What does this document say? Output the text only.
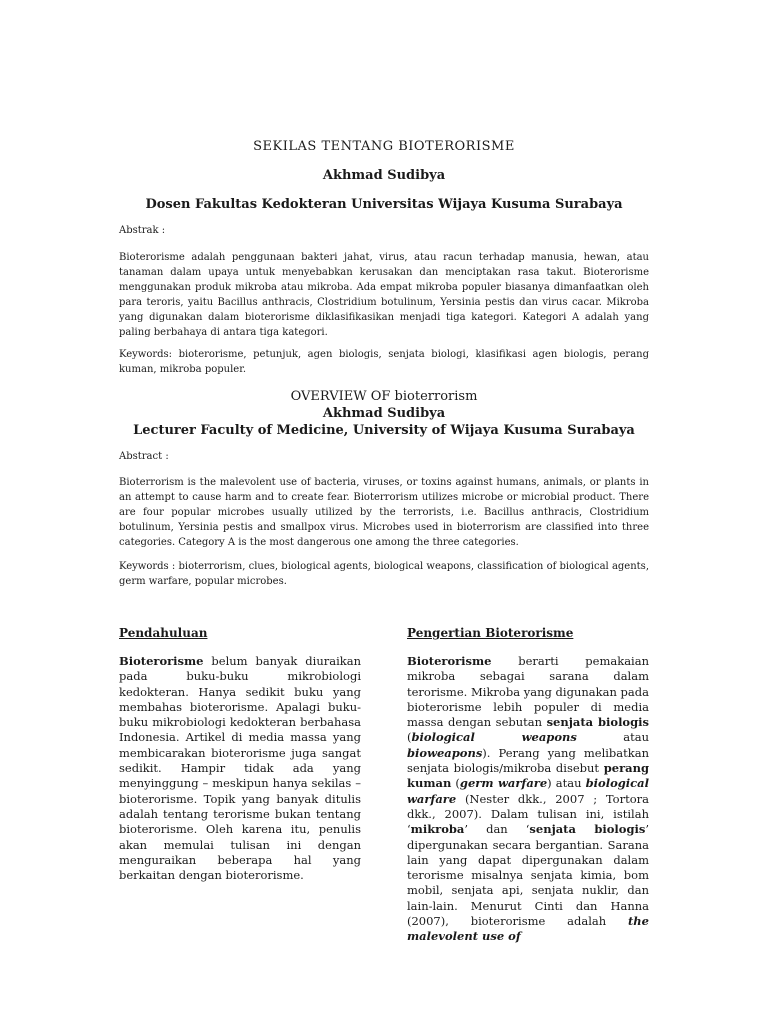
SEKILAS TENTANG BIOTERORISME
Akhmad Sudibya
Dosen Fakultas Kedokteran Universitas Wijaya Kusuma Surabaya
Abstrak :

Bioterorisme adalah penggunaan bakteri jahat, virus, atau racun terhadap manusia, hewan, atau tanaman dalam upaya untuk menyebabkan kerusakan dan menciptakan rasa takut. Bioterorisme menggunakan produk mikroba atau mikroba. Ada empat mikroba populer biasanya dimanfaatkan oleh para teroris, yaitu Bacillus anthracis, Clostridium botulinum, Yersinia pestis dan virus cacar. Mikroba yang digunakan dalam bioterorisme diklasifikasikan menjadi tiga kategori. Kategori A adalah yang paling berbahaya di antara tiga kategori.

Keywords: bioterorisme, petunjuk, agen biologis, senjata biologi, klasifikasi agen biologis, perang kuman, mikroba populer.

OVERVIEW OF bioterrorism
Akhmad Sudibya
Lecturer Faculty of Medicine, University of Wijaya Kusuma Surabaya
Abstract :

Bioterrorism is the malevolent use of bacteria, viruses, or toxins against humans, animals, or plants in an attempt to cause harm and to create fear. Bioterrorism utilizes microbe or microbial product. There are four popular microbes usually utilized by the terrorists, i.e. Bacillus anthracis, Clostridium botulinum, Yersinia pestis and smallpox virus. Microbes used in bioterrorism are classified into three categories. Category A is the most dangerous one among the three categories.

Keywords : bioterrorism, clues, biological agents, biological weapons, classification of biological agents, germ warfare, popular microbes.

Pendahuluan	Pengertian Bioterorisme

Bioterorisme belum banyak diuraikan pada buku-buku mikrobiologi kedokteran. Hanya sedikit buku yang membahas bioterorisme. Apalagi buku-buku mikrobiologi kedokteran berbahasa Indonesia. Artikel di media massa yang membicarakan bioterorisme juga sangat sedikit. Hampir tidak ada yang menyinggung – meskipun hanya sekilas – bioterorisme. Topik yang banyak ditulis adalah tentang terorisme bukan tentang bioterorisme. Oleh karena itu, penulis akan memulai tulisan ini dengan menguraikan beberapa hal yang berkaitan dengan bioterorisme.

Bioterorisme berarti pemakaian mikroba sebagai sarana dalam terorisme. Mikroba yang digunakan pada bioterorisme lebih populer di media massa dengan sebutan senjata biologis (biological weapons atau bioweapons). Perang yang melibatkan senjata biologis/mikroba disebut perang kuman (germ warfare) atau biological warfare (Nester dkk., 2007 ; Tortora dkk., 2007). Dalam tulisan ini, istilah ‘mikroba’ dan ‘senjata biologis’ dipergunakan secara bergantian. Sarana lain yang dapat dipergunakan dalam terorisme misalnya senjata kimia, bom mobil, senjata api, senjata nuklir, dan lain-lain. Menurut Cinti dan Hanna (2007), bioterorisme adalah the malevolent use of
